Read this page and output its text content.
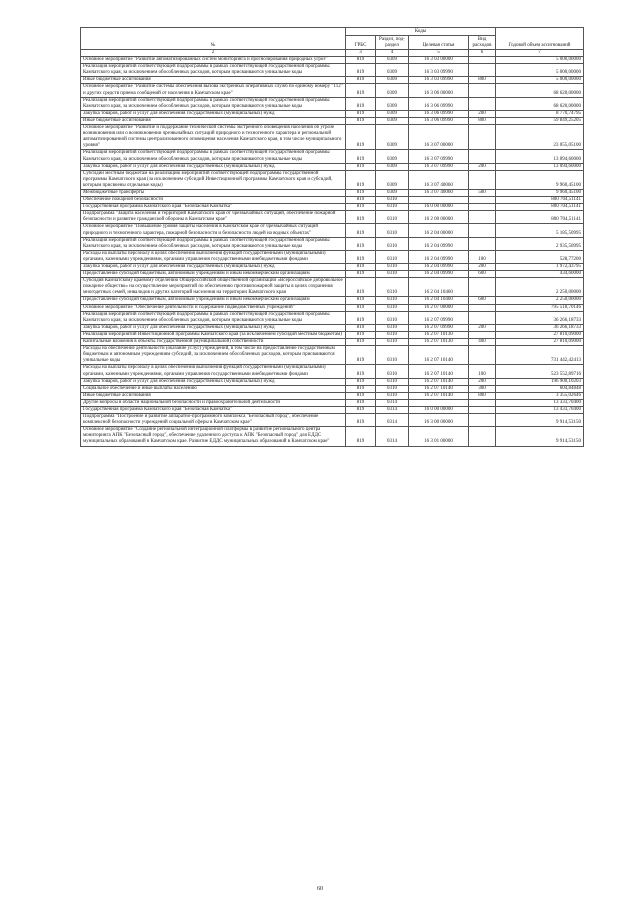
№	Коды				Годовой объем ассигнований
	ГРБС	Раздел, под-раздел	Целевая статья	Вид расходов	
2	3	4	5	6	7
Основное мероприятие "Развитие автоматизированных систем мониторинга и прогнозирования природных угроз"	819	0309	16 3 03 00000		5 000,00000
Реализация мероприятий соответствующей подпрограммы в рамках соответствующей государственной программы Камчатского края, за исключением обособленных расходов, которым присваиваются уникальные коды	819	0309	16 3 03 09990		5 000,00000
Иные бюджетные ассигнования	819	0309	16 3 03 09990	800	5 000,00000
Основное мероприятие "Развитие системы обеспечения вызова экстренных оперативных служб по единому номеру "112" и других средств приема сообщений от населения в Камчатском крае"	819	0309	16 3 06 00000		68 620,00000
Реализация мероприятий соответствующей подпрограммы в рамках соответствующей государственной программы Камчатского края, за исключением обособленных расходов, которым присваиваются уникальные коды	819	0309	16 3 06 09990		68 620,00000
Закупка товаров, работ и услуг для обеспечения государственных (муниципальных) нужд	819	0309	16 3 06 09990	200	8 770,74795
Иные бюджетные ассигнования	819	0309	16 3 06 09990	800	59 849,25205
Основное мероприятие "Развитие и поддержание технической системы экстренного оповещения населения об угрозе возникновения или о возникновении чрезвычайных ситуаций природного и техногенного характера и региональной автоматизированной системы централизованного оповещения населения Камчатского края, в том числе муниципального уровня"	819	0309	16 3 07 00000		23 055,05100
Реализация мероприятий соответствующей подпрограммы в рамках соответствующей государственной программы Камчатского края, за исключением обособленных расходов, которым присваиваются уникальные коды	819	0309	16 3 07 09990		13 094,60000
Закупка товаров, работ и услуг для обеспечения государственных (муниципальных) нужд	819	0309	16 3 07 09990	200	13 094,60000
Субсидии местным бюджетам на реализацию мероприятий соответствующей подпрограммы государственной программы Камчатского края (за исключением субсидий Инвестиционной программы Камчатского края и субсидий, которым присвоены отдельные коды)	819	0309	16 3 07 40060		9 960,45100
Межбюджетные трансферты	819	0309	16 3 07 40060	500	9 960,45100
Обеспечение пожарной безопасности	819	0310			800 704,51141
Государственная программа Камчатского края "Безопасная Камчатка"	819	0310	16 0 00 00000		800 704,51141
Подпрограмма "Защита населения и территорий Камчатского края от чрезвычайных ситуаций, обеспечение пожарной безопасности и развитие гражданской обороны в Камчатском крае"	819	0310	16 2 00 00000		800 704,51141
Основное мероприятие "Повышение уровня защиты населения в Камчатском крае от чрезвычайных ситуаций природного и техногенного характера, пожарной безопасности и безопасности людей на водных объектах"	819	0310	16 2 04 00000		5 185,50995
Реализация мероприятий соответствующей подпрограммы в рамках соответствующей государственной программы Камчатского края, за исключением обособленных расходов, которым присваиваются уникальные коды	819	0310	16 2 04 09990		2 935,50995
Расходы на выплаты персоналу в целях обеспечения выполнения функций государственными (муниципальными) органами, казенными учреждениями, органами управления государственными внебюджетными фондами	819	0310	16 2 04 09990	100	528,77200
Закупка товаров, работ и услуг для обеспечения государственных (муниципальных) нужд	819	0310	16 2 04 09990	200	1 972,43795
Предоставление субсидий бюджетным, автономным учреждениям и иным некоммерческим организациям	819	0310	16 2 04 09990	600	434,60000
Субсидия Камчатскому краевому отделению Общероссийской общественной организации «Всероссийское добровольное пожарное общество» на осуществление мероприятий по обеспечению противопожарной защиты в целях сохранения многодетных семей, инвалидов и других категорий населения на территории Камчатского края	819	0310	16 2 04 10460		2 250,00000
Предоставление субсидий бюджетным, автономным учреждениям и иным некоммерческим организациям	819	0310	16 2 04 10460	600	2 250,00000
Основное мероприятие "Обеспечение деятельности и содержание подведомственных учреждений"	819	0310	16 2 07 00000		795 518,70146
Реализация мероприятий соответствующей подпрограммы в рамках соответствующей государственной программы Камчатского края, за исключением обособленных расходов, которым присваиваются уникальные коды	819	0310	16 2 07 09990		36 266,18733
Закупка товаров, работ и услуг для обеспечения государственных (муниципальных) нужд	819	0310	16 2 07 09990	200	36 266,18733
Реализация мероприятий Инвестиционной программы Камчатского края (за исключением субсидий местным бюджетам)	819	0310	16 2 07 10130		27 810,09000
Капитальные вложения в объекты государственной (муниципальной) собственности	819	0310	16 2 07 10130	400	27 810,09000
Расходы на обеспечение деятельности (оказание услуг) учреждений, в том числе на предоставление государственным бюджетным и автономным учреждениям субсидий, за исключением обособленных расходов, которым присваиваются уникальные коды	819	0310	16 2 07 10140		731 442,42413
Расходы на выплаты персоналу в целях обеспечения выполнения функций государственными (муниципальными) органами, казенными учреждениями, органами управления государственными внебюджетными фондами	819	0310	16 2 07 10140	100	523 552,89716
Закупка товаров, работ и услуг для обеспечения государственных (муниципальных) нужд	819	0310	16 2 07 10140	200	196 900,10203
Социальное обеспечение и иные выплаты населению	819	0310	16 2 07 10140	300	604,84848
Иные бюджетные ассигнования	819	0310	16 2 07 10140	800	3 355,02646
Другие вопросы в области национальной безопасности и правоохранительной деятельности	819	0314			13 333,70400
Государственная программа Камчатского края "Безопасная Камчатка"	819	0314	16 0 00 00000		13 433,70400
Подпрограмма "Построение и развитие аппаратно-программного комплекса "Безопасный город", обеспечение комплексной безопасности учреждений социальной сферы в Камчатском крае"	819	0314	16 3 00 00000		9 914,53150
Основное мероприятие "Создание региональной интеграционной платформы в развитие регионального центра мониторинга АПК "Безопасный город", обеспечение удаленного доступа к АПК "Безопасный город" для ЕДДС муниципальных образований в Камчатском крае. Развитие ЕДДС муниципальных образований в Камчатском крае"	819	0314	16 3 01 00000		9 914,53150
60
